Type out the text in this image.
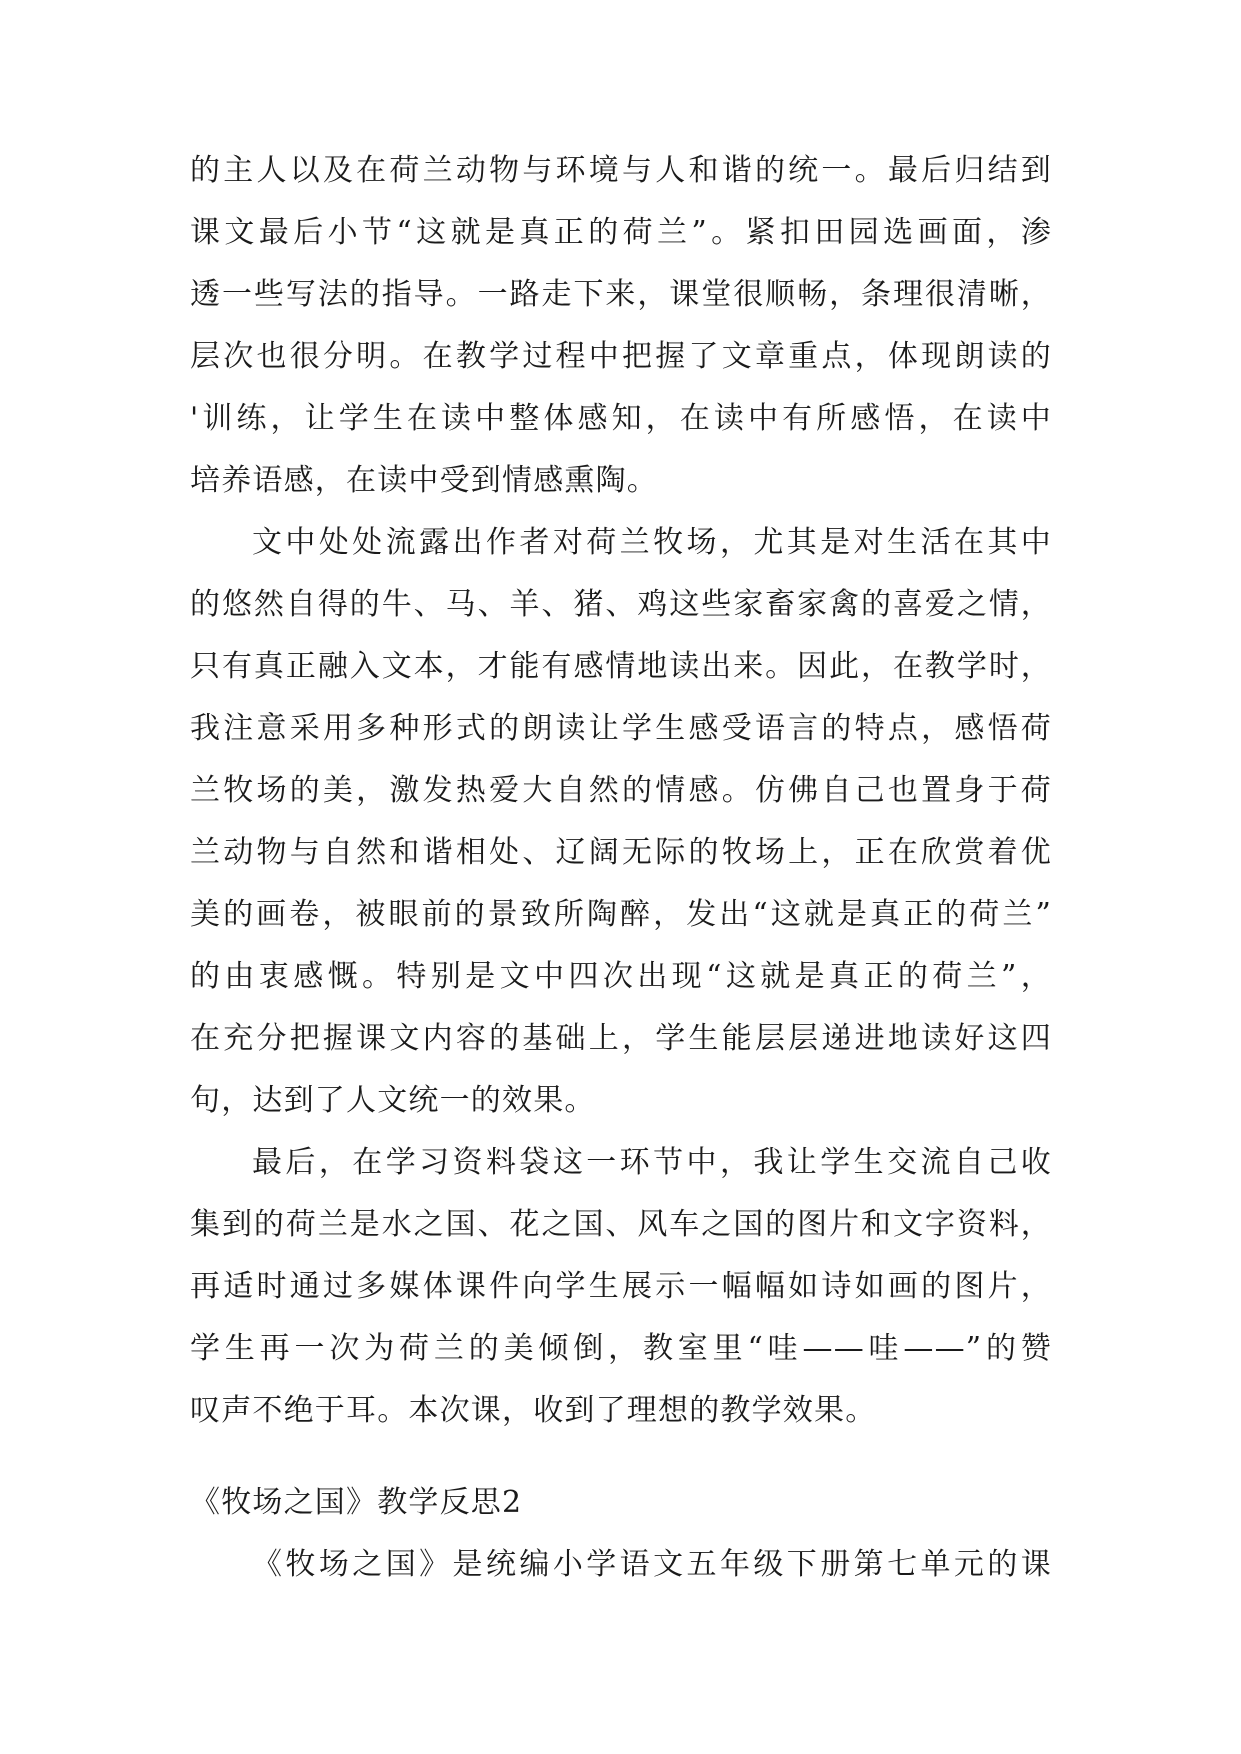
的主人以及在荷兰动物与环境与人和谐的统一。最后归结到
课文最后小节“这就是真正的荷兰”。紧扣田园选画面，渗
透一些写法的指导。一路走下来，课堂很顺畅，条理很清晰，
层次也很分明。在教学过程中把握了文章重点，体现朗读的
'训练，让学生在读中整体感知，在读中有所感悟，在读中
培养语感，在读中受到情感熏陶。
文中处处流露出作者对荷兰牧场，尤其是对生活在其中
的悠然自得的牛、马、羊、猪、鸡这些家畜家禽的喜爱之情，
只有真正融入文本，才能有感情地读出来。因此，在教学时，
我注意采用多种形式的朗读让学生感受语言的特点，感悟荷
兰牧场的美，激发热爱大自然的情感。仿佛自己也置身于荷
兰动物与自然和谐相处、辽阔无际的牧场上，正在欣赏着优
美的画卷，被眼前的景致所陶醉，发出“这就是真正的荷兰”
的由衷感慨。特别是文中四次出现“这就是真正的荷兰”，
在充分把握课文内容的基础上，学生能层层递进地读好这四
句，达到了人文统一的效果。
最后，在学习资料袋这一环节中，我让学生交流自己收
集到的荷兰是水之国、花之国、风车之国的图片和文字资料，
再适时通过多媒体课件向学生展示一幅幅如诗如画的图片，
学生再一次为荷兰的美倾倒，教室里“哇——哇——”的赞
叹声不绝于耳。本次课，收到了理想的教学效果。
《牧场之国》教学反思2
《牧场之国》是统编小学语文五年级下册第七单元的课
